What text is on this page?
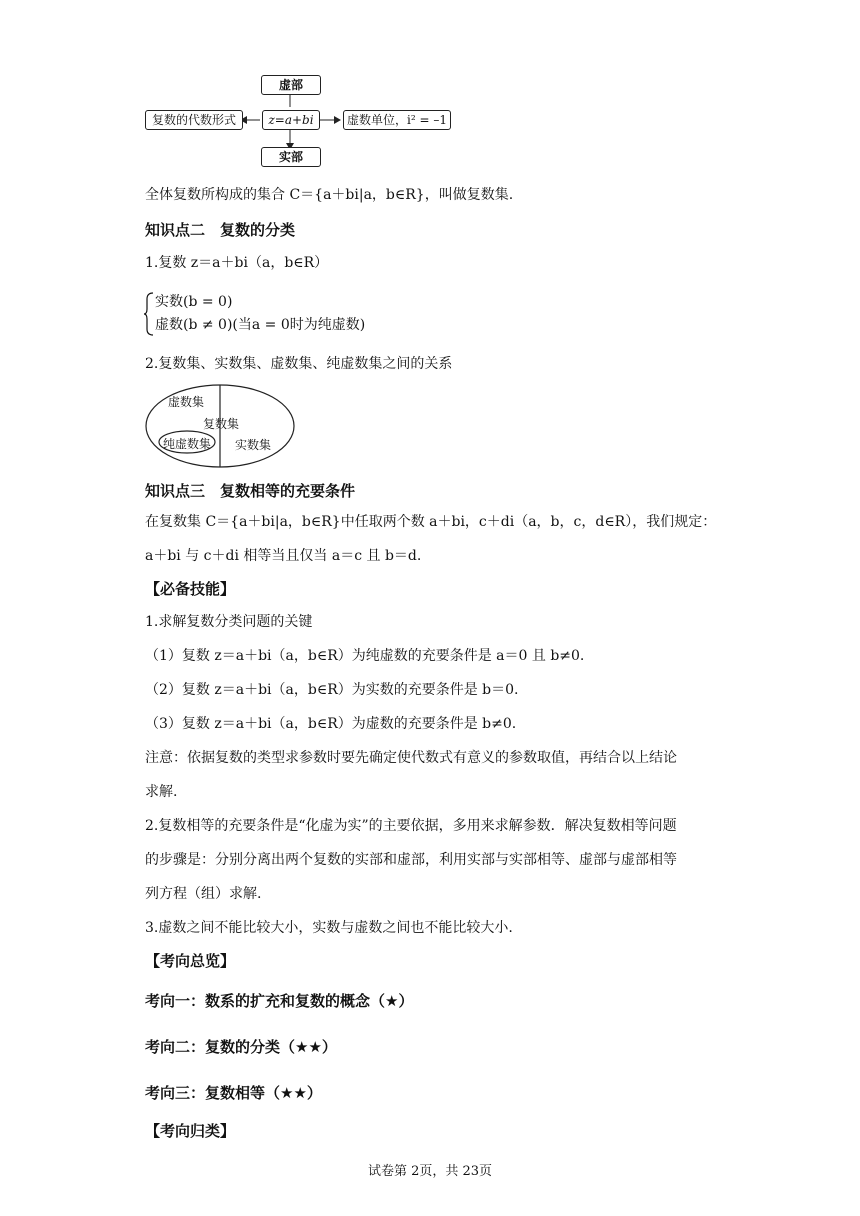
虚部
复数的代数形式	z=a+bi	虚数单位，i² = –1
实部
全体复数所构成的集合 C＝{a＋bi|a，b∈R}，叫做复数集.
知识点二　复数的分类
1.复数 z＝a＋bi（a，b∈R）
实数(b = 0)
虚数(b ≠ 0)(当a = 0时为纯虚数)
2.复数集、实数集、虚数集、纯虚数集之间的关系
虚数集
复数集
纯虚数集 实数集
知识点三　复数相等的充要条件
在复数集 C＝{a＋bi|a，b∈R}中任取两个数 a＋bi，c＋di（a，b，c，d∈R），我们规定：
a＋bi 与 c＋di 相等当且仅当 a＝c 且 b＝d.
【必备技能】
1.求解复数分类问题的关键
（1）复数 z＝a＋bi（a，b∈R）为纯虚数的充要条件是 a＝0 且 b≠0.
（2）复数 z＝a＋bi（a，b∈R）为实数的充要条件是 b＝0.
（3）复数 z＝a＋bi（a，b∈R）为虚数的充要条件是 b≠0.
注意：依据复数的类型求参数时要先确定使代数式有意义的参数取值，再结合以上结论
求解.
2.复数相等的充要条件是“化虚为实”的主要依据，多用来求解参数．解决复数相等问题
的步骤是：分别分离出两个复数的实部和虚部，利用实部与实部相等、虚部与虚部相等
列方程（组）求解.
3.虚数之间不能比较大小，实数与虚数之间也不能比较大小.
【考向总览】
考向一：数系的扩充和复数的概念（★）
考向二：复数的分类（★★）
考向三：复数相等（★★）
【考向归类】
试卷第 2页，共 23页
